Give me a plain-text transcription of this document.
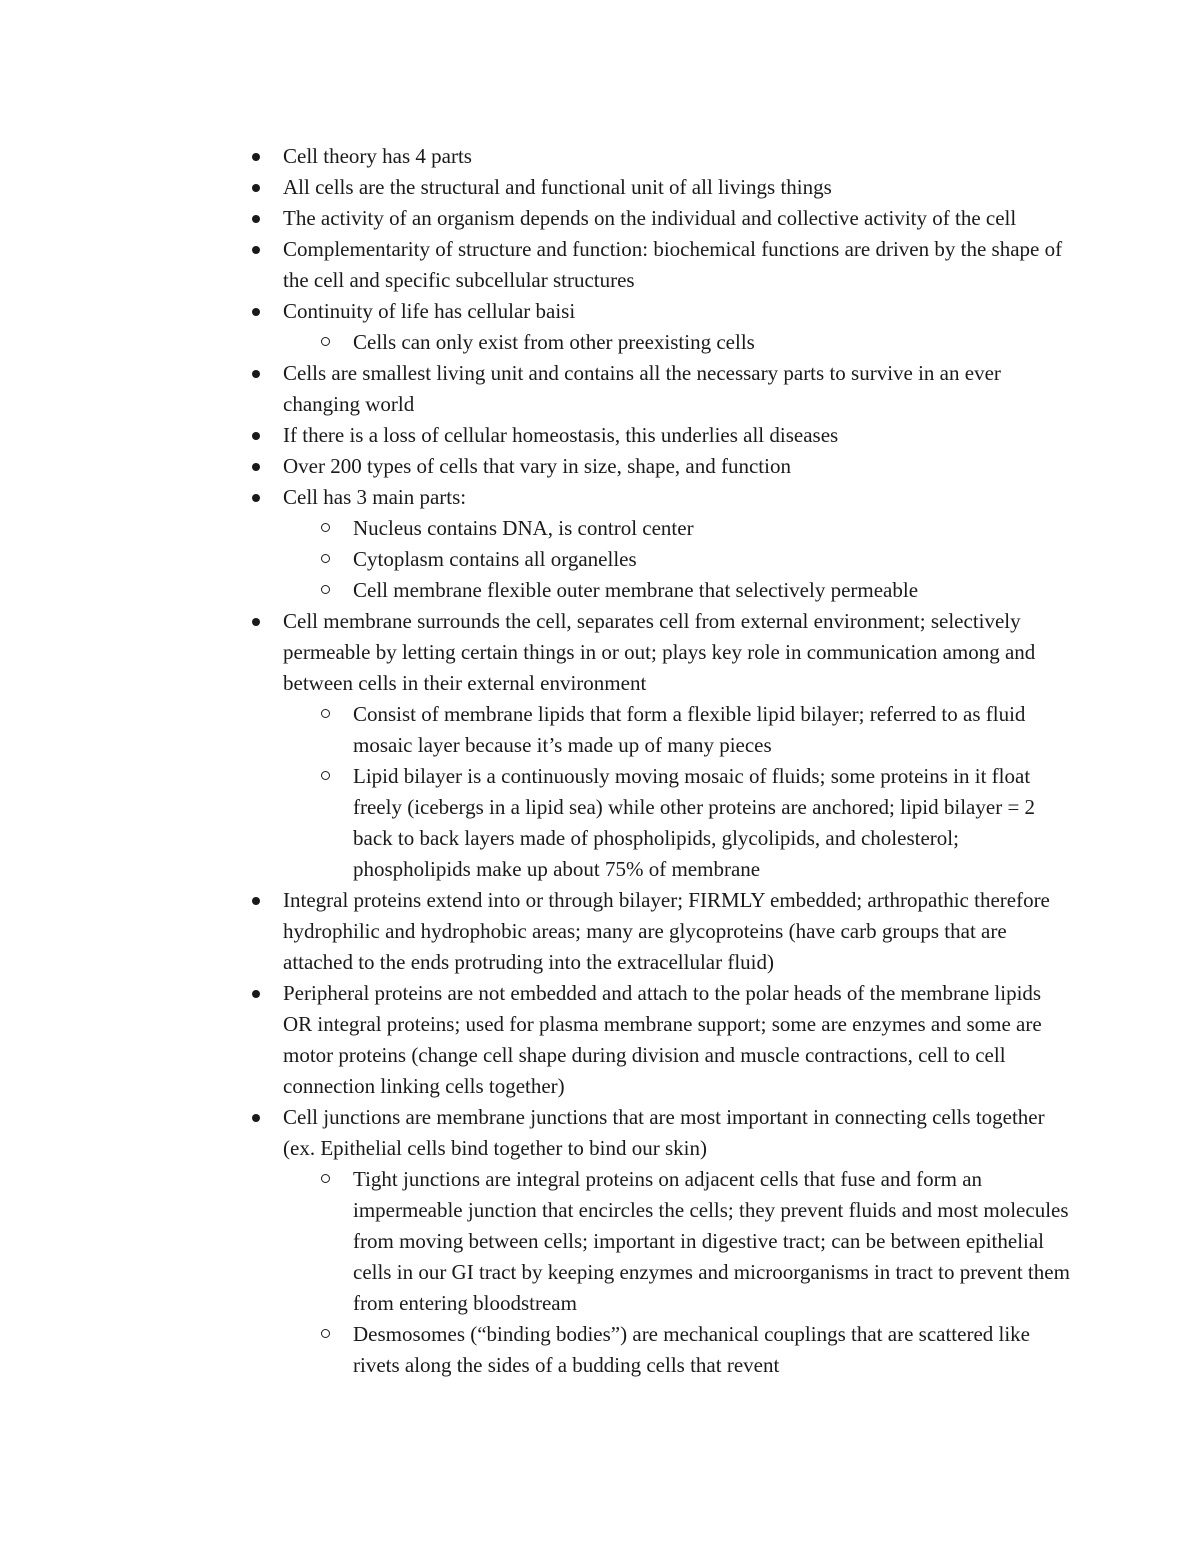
Cell theory has 4 parts
All cells are the structural and functional unit of all livings things
The activity of an organism depends on the individual and collective activity of the cell
Complementarity of structure and function: biochemical functions are driven by the shape of the cell and specific subcellular structures
Continuity of life has cellular baisi
Cells can only exist from other preexisting cells
Cells are smallest living unit and contains all the necessary parts to survive in an ever changing world
If there is a loss of cellular homeostasis, this underlies all diseases
Over 200 types of cells that vary in size, shape, and function
Cell has 3 main parts:
Nucleus contains DNA, is control center
Cytoplasm contains all organelles
Cell membrane flexible outer membrane that selectively permeable
Cell membrane surrounds the cell, separates cell from external environment; selectively permeable by letting certain things in or out; plays key role in communication among and between cells in their external environment
Consist of membrane lipids that form a flexible lipid bilayer; referred to as fluid mosaic layer because it’s made up of many pieces
Lipid bilayer is a continuously moving mosaic of fluids; some proteins in it float freely (icebergs in a lipid sea) while other proteins are anchored; lipid bilayer = 2 back to back layers made of phospholipids, glycolipids, and cholesterol; phospholipids make up about 75% of membrane
Integral proteins extend into or through bilayer; FIRMLY embedded; arthropathic therefore hydrophilic and hydrophobic areas; many are glycoproteins (have carb groups that are attached to the ends protruding into the extracellular fluid)
Peripheral proteins are not embedded and attach to the polar heads of the membrane lipids OR integral proteins; used for plasma membrane support; some are enzymes and some are motor proteins (change cell shape during division and muscle contractions, cell to cell connection linking cells together)
Cell junctions are membrane junctions that are most important in connecting cells together (ex. Epithelial cells bind together to bind our skin)
Tight junctions are integral proteins on adjacent cells that fuse and form an impermeable junction that encircles the cells; they prevent fluids and most molecules from moving between cells; important in digestive tract; can be between epithelial cells in our GI tract by keeping enzymes and microorganisms in tract to prevent them from entering bloodstream
Desmosomes (“binding bodies”) are mechanical couplings that are scattered like rivets along the sides of a budding cells that revent
